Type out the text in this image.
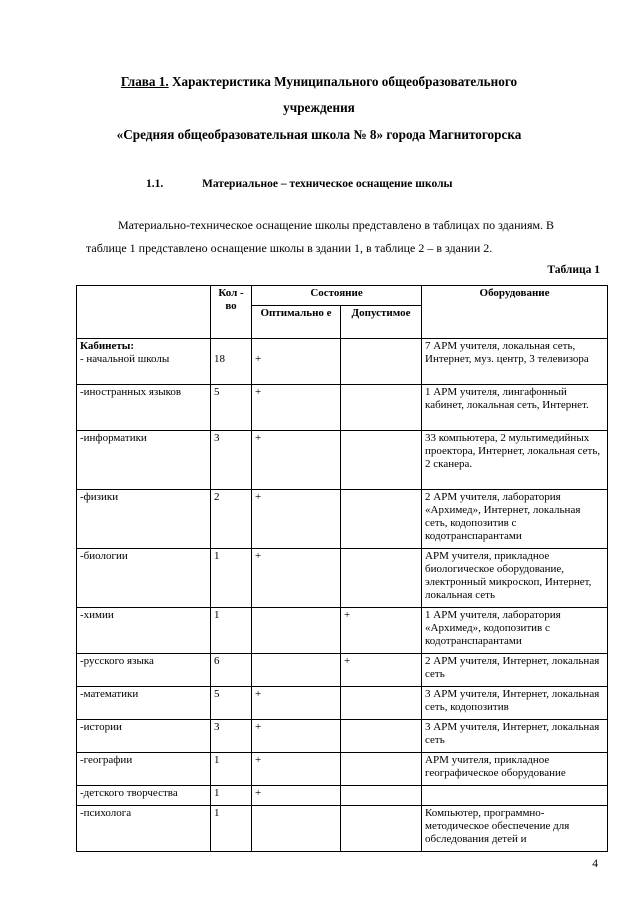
Глава 1. Характеристика Муниципального общеобразовательного
учреждения
«Средняя общеобразовательная школа № 8» города Магнитогорска
1.1.	Материальное – техническое оснащение школы
Материально-техническое оснащение школы представлено в таблицах по зданиям. В
таблице 1 представлено оснащение школы в здании 1, в таблице 2 – в здании 2.
Таблица 1
	Кол - во	Состояние		Оборудование
		Оптимально е	Допустимое	

Кабинеты:
- начальной школы	18	+		7 АРМ учителя, локальная сеть, Интернет, муз. центр, 3 телевизора
-иностранных языков	5	+		1 АРМ учителя, лингафонный кабинет, локальная сеть, Интернет.
-информатики	3	+		33 компьютера, 2 мультимедийных проектора, Интернет, локальная сеть, 2 сканера.
-физики	2	+		2 АРМ учителя, лаборатория «Архимед», Интернет, локальная сеть, кодопозитив с кодотранспарантами
-биологии	1	+		АРМ учителя, прикладное биологическое оборудование, электронный микроскоп, Интернет, локальная сеть
-химии	1		+	1 АРМ учителя, лаборатория «Архимед», кодопозитив с кодотранспарантами
-русского языка	6		+	2 АРМ учителя, Интернет, локальная сеть
-математики	5	+		3 АРМ учителя, Интернет, локальная сеть, кодопозитив
-истории	3	+		3 АРМ учителя, Интернет, локальная сеть
-географии	1	+		АРМ учителя, прикладное географическое оборудование
-детского творчества	1	+		
-психолога	1			Компьютер, программно-методическое обеспечение для обследования детей и
4
